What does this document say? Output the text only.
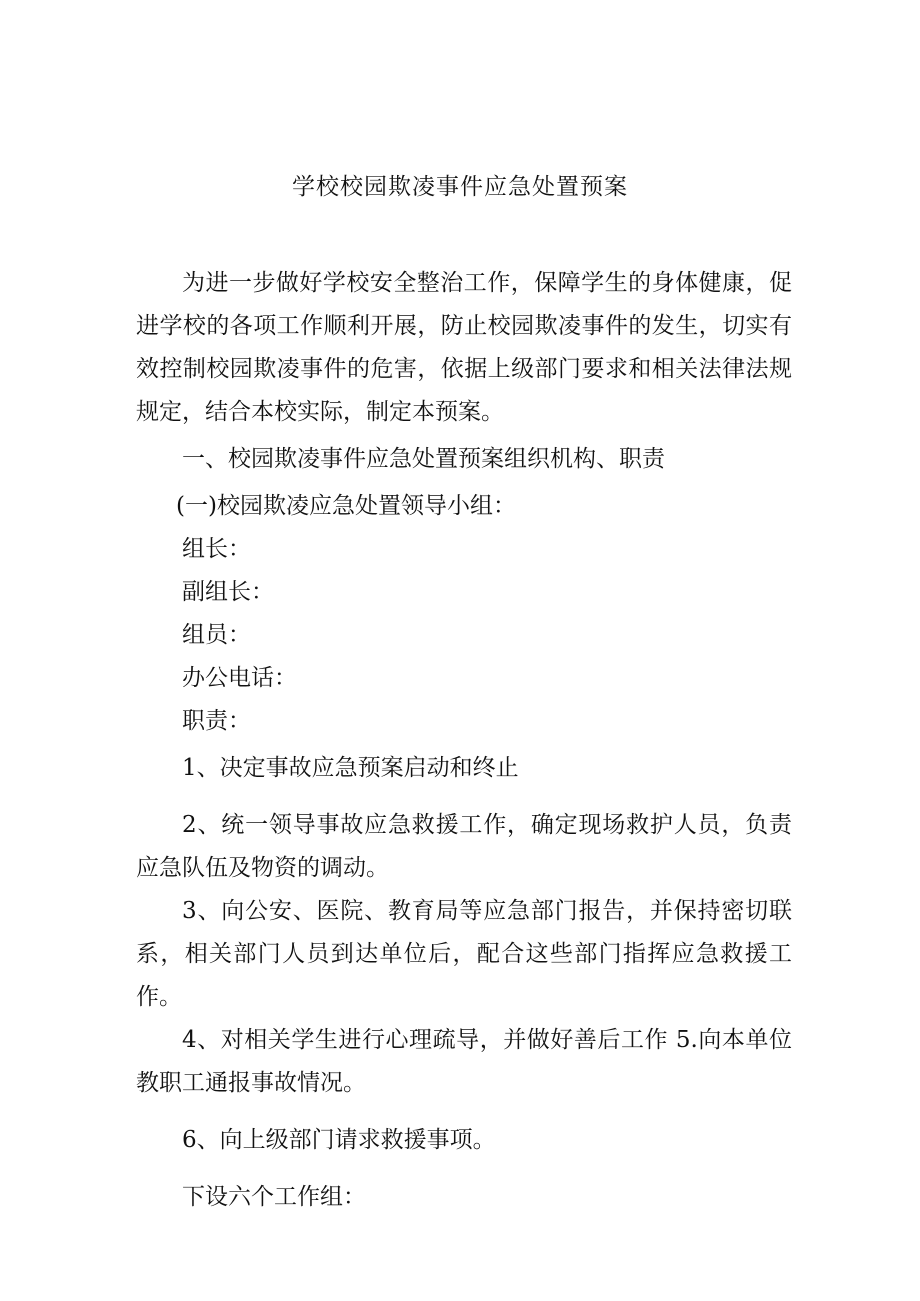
学校校园欺凌事件应急处置预案

为进一步做好学校安全整治工作，保障学生的身体健康，促进学校的各项工作顺利开展，防止校园欺凌事件的发生，切实有效控制校园欺凌事件的危害，依据上级部门要求和相关法律法规规定，结合本校实际，制定本预案。

一、校园欺凌事件应急处置预案组织机构、职责

(一)校园欺凌应急处置领导小组：

组长：

副组长：

组员：

办公电话：

职责：

1、决定事故应急预案启动和终止

2、统一领导事故应急救援工作，确定现场救护人员，负责应急队伍及物资的调动。

3、向公安、医院、教育局等应急部门报告，并保持密切联系，相关部门人员到达单位后，配合这些部门指挥应急救援工作。

4、对相关学生进行心理疏导，并做好善后工作 5.向本单位教职工通报事故情况。

6、向上级部门请求救援事项。

下设六个工作组：
